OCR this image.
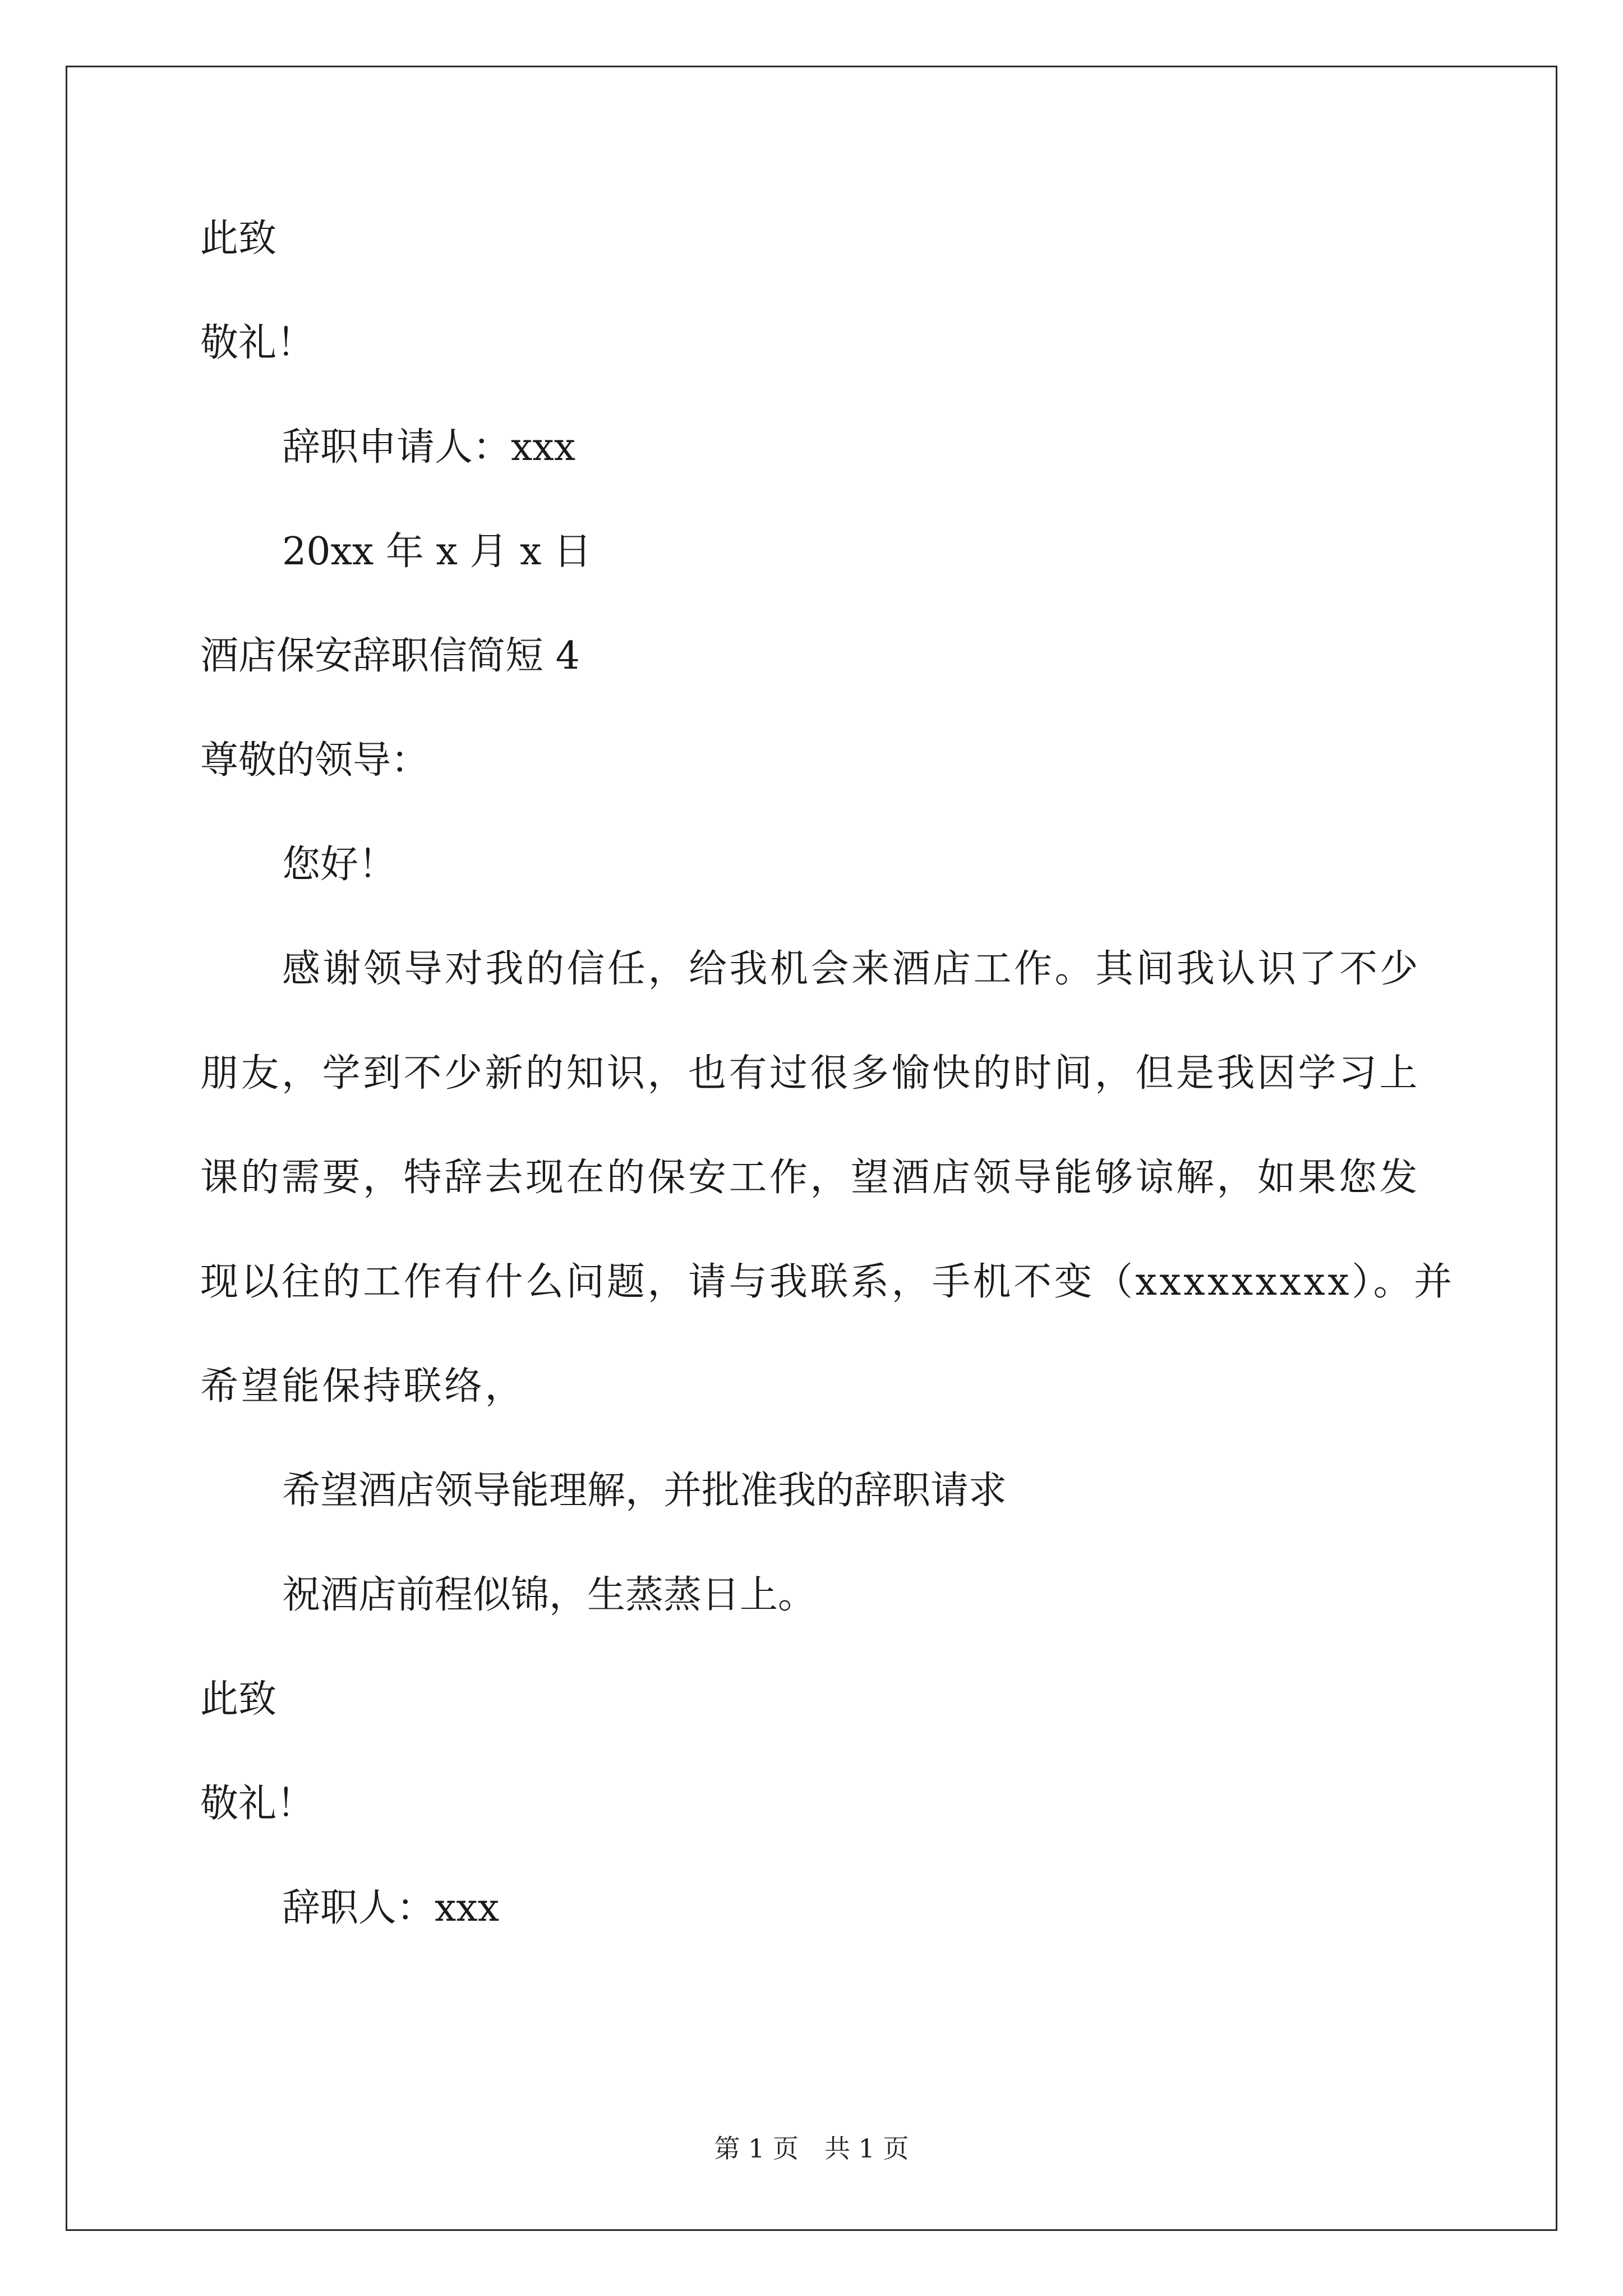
此致
敬礼！
辞职申请人：xxx
20xx 年 x 月 x 日
酒店保安辞职信简短 4
尊敬的领导：
您好！
感谢领导对我的信任，给我机会来酒店工作。其间我认识了不少
朋友，学到不少新的知识，也有过很多愉快的时间，但是我因学习上
课的需要，特辞去现在的保安工作，望酒店领导能够谅解，如果您发
现以往的工作有什么问题，请与我联系，手机不变（xxxxxxxxx）。并
希望能保持联络，
希望酒店领导能理解，并批准我的辞职请求
祝酒店前程似锦，生蒸蒸日上。
此致
敬礼！
辞职人：xxx
第 1 页　共 1 页
